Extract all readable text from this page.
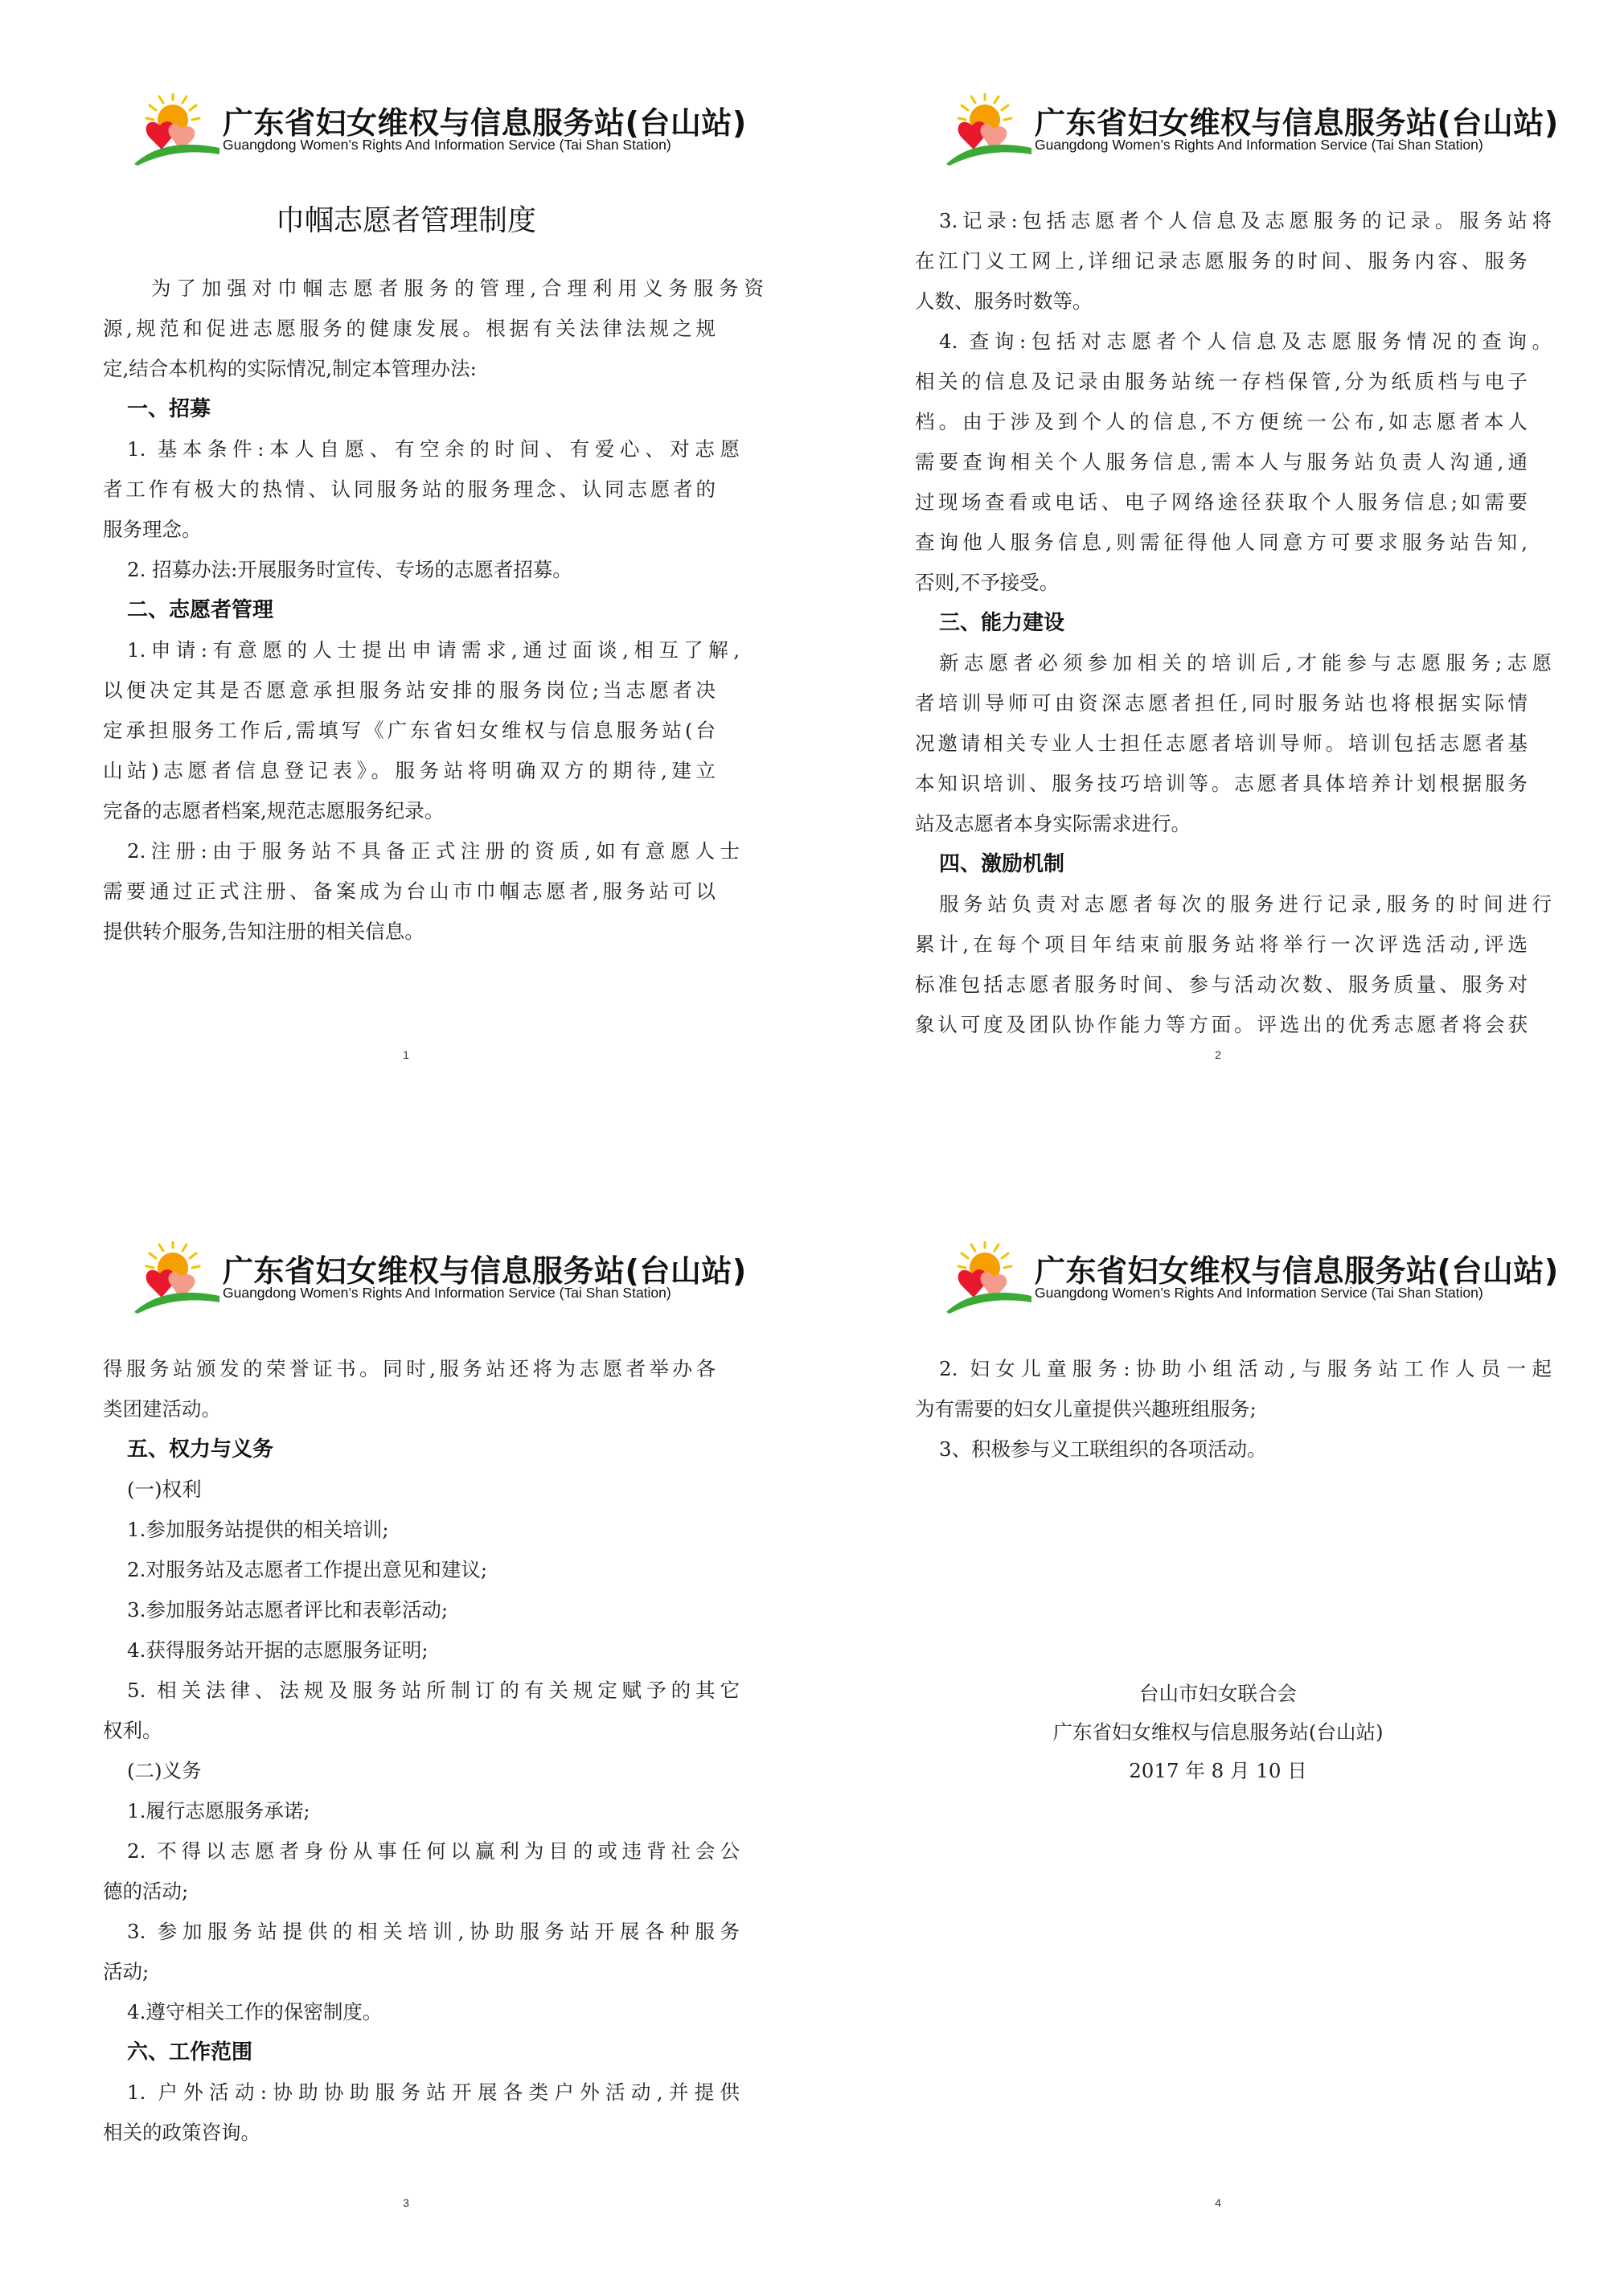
广东省妇女维权与信息服务站(台山站)
Guangdong Women’s Rights And Information Service (Tai Shan Station)
巾帼志愿者管理制度
为了加强对巾帼志愿者服务的管理,合理利用义务服务资
源,规范和促进志愿服务的健康发展。根据有关法律法规之规
定,结合本机构的实际情况,制定本管理办法:
一、招募
1. 基本条件:本人自愿、有空余的时间、有爱心、对志愿
者工作有极大的热情、认同服务站的服务理念、认同志愿者的
服务理念。
2. 招募办法:开展服务时宣传、专场的志愿者招募。
二、志愿者管理
1.申请:有意愿的人士提出申请需求,通过面谈,相互了解,
以便决定其是否愿意承担服务站安排的服务岗位;当志愿者决
定承担服务工作后,需填写《广东省妇女维权与信息服务站(台
山站)志愿者信息登记表》。服务站将明确双方的期待,建立
完备的志愿者档案,规范志愿服务纪录。
2.注册:由于服务站不具备正式注册的资质,如有意愿人士
需要通过正式注册、备案成为台山市巾帼志愿者,服务站可以
提供转介服务,告知注册的相关信息。
1
广东省妇女维权与信息服务站(台山站)
Guangdong Women’s Rights And Information Service (Tai Shan Station)
3.记录:包括志愿者个人信息及志愿服务的记录。服务站将
在江门义工网上,详细记录志愿服务的时间、服务内容、服务
人数、服务时数等。
4. 查询:包括对志愿者个人信息及志愿服务情况的查询。
相关的信息及记录由服务站统一存档保管,分为纸质档与电子
档。由于涉及到个人的信息,不方便统一公布,如志愿者本人
需要查询相关个人服务信息,需本人与服务站负责人沟通,通
过现场查看或电话、电子网络途径获取个人服务信息;如需要
查询他人服务信息,则需征得他人同意方可要求服务站告知,
否则,不予接受。
三、能力建设
新志愿者必须参加相关的培训后,才能参与志愿服务;志愿
者培训导师可由资深志愿者担任,同时服务站也将根据实际情
况邀请相关专业人士担任志愿者培训导师。培训包括志愿者基
本知识培训、服务技巧培训等。志愿者具体培养计划根据服务
站及志愿者本身实际需求进行。
四、激励机制
服务站负责对志愿者每次的服务进行记录,服务的时间进行
累计,在每个项目年结束前服务站将举行一次评选活动,评选
标准包括志愿者服务时间、参与活动次数、服务质量、服务对
象认可度及团队协作能力等方面。评选出的优秀志愿者将会获
2
广东省妇女维权与信息服务站(台山站)
Guangdong Women’s Rights And Information Service (Tai Shan Station)
得服务站颁发的荣誉证书。同时,服务站还将为志愿者举办各
类团建活动。
五、权力与义务
(一)权利
1.参加服务站提供的相关培训;
2.对服务站及志愿者工作提出意见和建议;
3.参加服务站志愿者评比和表彰活动;
4.获得服务站开据的志愿服务证明;
5. 相关法律、法规及服务站所制订的有关规定赋予的其它
权利。
(二)义务
1.履行志愿服务承诺;
2. 不得以志愿者身份从事任何以赢利为目的或违背社会公
德的活动;
3. 参加服务站提供的相关培训,协助服务站开展各种服务
活动;
4.遵守相关工作的保密制度。
六、工作范围
1. 户外活动:协助协助服务站开展各类户外活动,并提供
相关的政策咨询。
3
广东省妇女维权与信息服务站(台山站)
Guangdong Women’s Rights And Information Service (Tai Shan Station)
2. 妇女儿童服务:协助小组活动,与服务站工作人员一起
为有需要的妇女儿童提供兴趣班组服务;
3、积极参与义工联组织的各项活动。
台山市妇女联合会
广东省妇女维权与信息服务站(台山站)
2017 年 8 月 10 日
4
